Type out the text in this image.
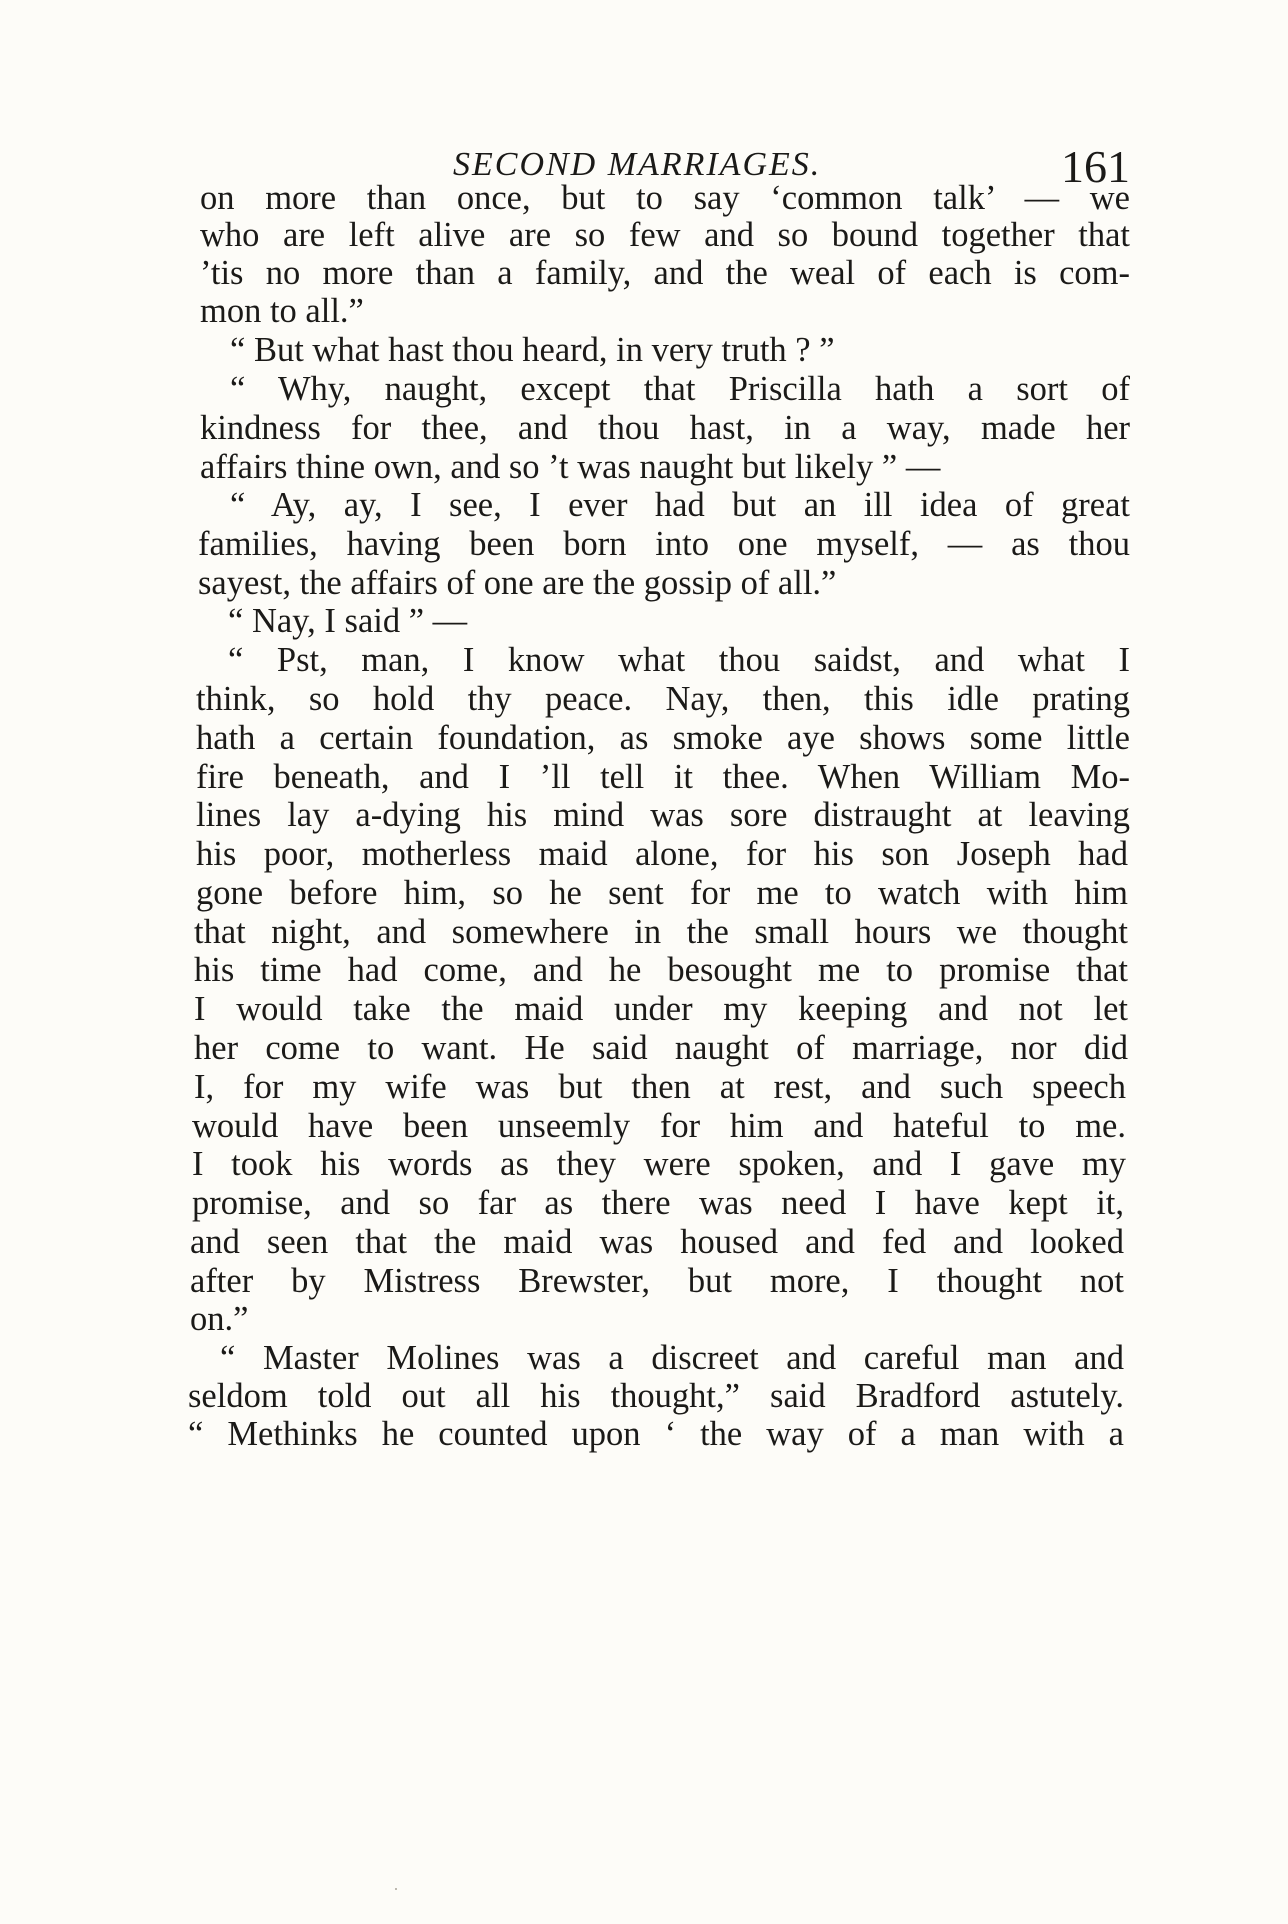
SECOND MARRIAGES.	161
on more than once, but to say ‘common talk’ — we
who are left alive are so few and so bound together that
’tis no more than a family, and the weal of each is com-
mon to all.”
“ But what hast thou heard, in very truth ? ”
“ Why, naught, except that Priscilla hath a sort of
kindness for thee, and thou hast, in a way, made her
affairs thine own, and so ’t was naught but likely ” —
“ Ay, ay, I see, I ever had but an ill idea of great
families, having been born into one myself, — as thou
sayest, the affairs of one are the gossip of all.”
“ Nay, I said ” —
“ Pst, man, I know what thou saidst, and what I
think, so hold thy peace. Nay, then, this idle prating
hath a certain foundation, as smoke aye shows some little
fire beneath, and I ’ll tell it thee. When William Mo-
lines lay a-dying his mind was sore distraught at leaving
his poor, motherless maid alone, for his son Joseph had
gone before him, so he sent for me to watch with him
that night, and somewhere in the small hours we thought
his time had come, and he besought me to promise that
I would take the maid under my keeping and not let
her come to want. He said naught of marriage, nor did
I, for my wife was but then at rest, and such speech
would have been unseemly for him and hateful to me.
I took his words as they were spoken, and I gave my
promise, and so far as there was need I have kept it,
and seen that the maid was housed and fed and looked
after by Mistress Brewster, but more, I thought not
on.”
“ Master Molines was a discreet and careful man and
seldom told out all his thought,” said Bradford astutely.
“ Methinks he counted upon ‘ the way of a man with a
